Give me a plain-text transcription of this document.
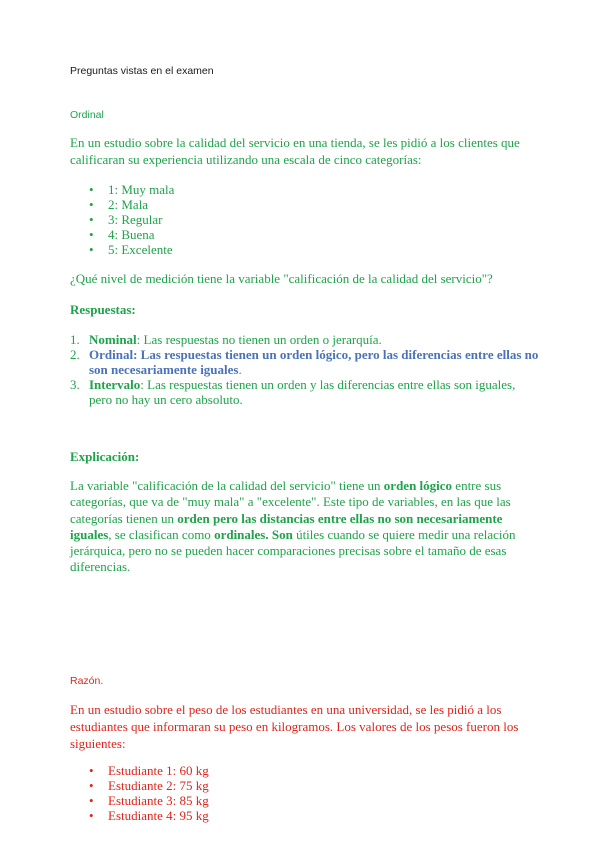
Preguntas vistas en el examen
Ordinal
En un estudio sobre la calidad del servicio en una tienda, se les pidió a los clientes que calificaran su experiencia utilizando una escala de cinco categorías:
• 1: Muy mala
• 2: Mala
• 3: Regular
• 4: Buena
• 5: Excelente
¿Qué nivel de medición tiene la variable "calificación de la calidad del servicio"?
Respuestas:
1. Nominal: Las respuestas no tienen un orden o jerarquía.
2. Ordinal: Las respuestas tienen un orden lógico, pero las diferencias entre ellas no son necesariamente iguales.
3. Intervalo: Las respuestas tienen un orden y las diferencias entre ellas son iguales, pero no hay un cero absoluto.
Explicación:
La variable "calificación de la calidad del servicio" tiene un orden lógico entre sus categorías, que va de "muy mala" a "excelente". Este tipo de variables, en las que las categorías tienen un orden pero las distancias entre ellas no son necesariamente iguales, se clasifican como ordinales. Son útiles cuando se quiere medir una relación jerárquica, pero no se pueden hacer comparaciones precisas sobre el tamaño de esas diferencias.
Razón.
En un estudio sobre el peso de los estudiantes en una universidad, se les pidió a los estudiantes que informaran su peso en kilogramos. Los valores de los pesos fueron los siguientes:
• Estudiante 1: 60 kg
• Estudiante 2: 75 kg
• Estudiante 3: 85 kg
• Estudiante 4: 95 kg
